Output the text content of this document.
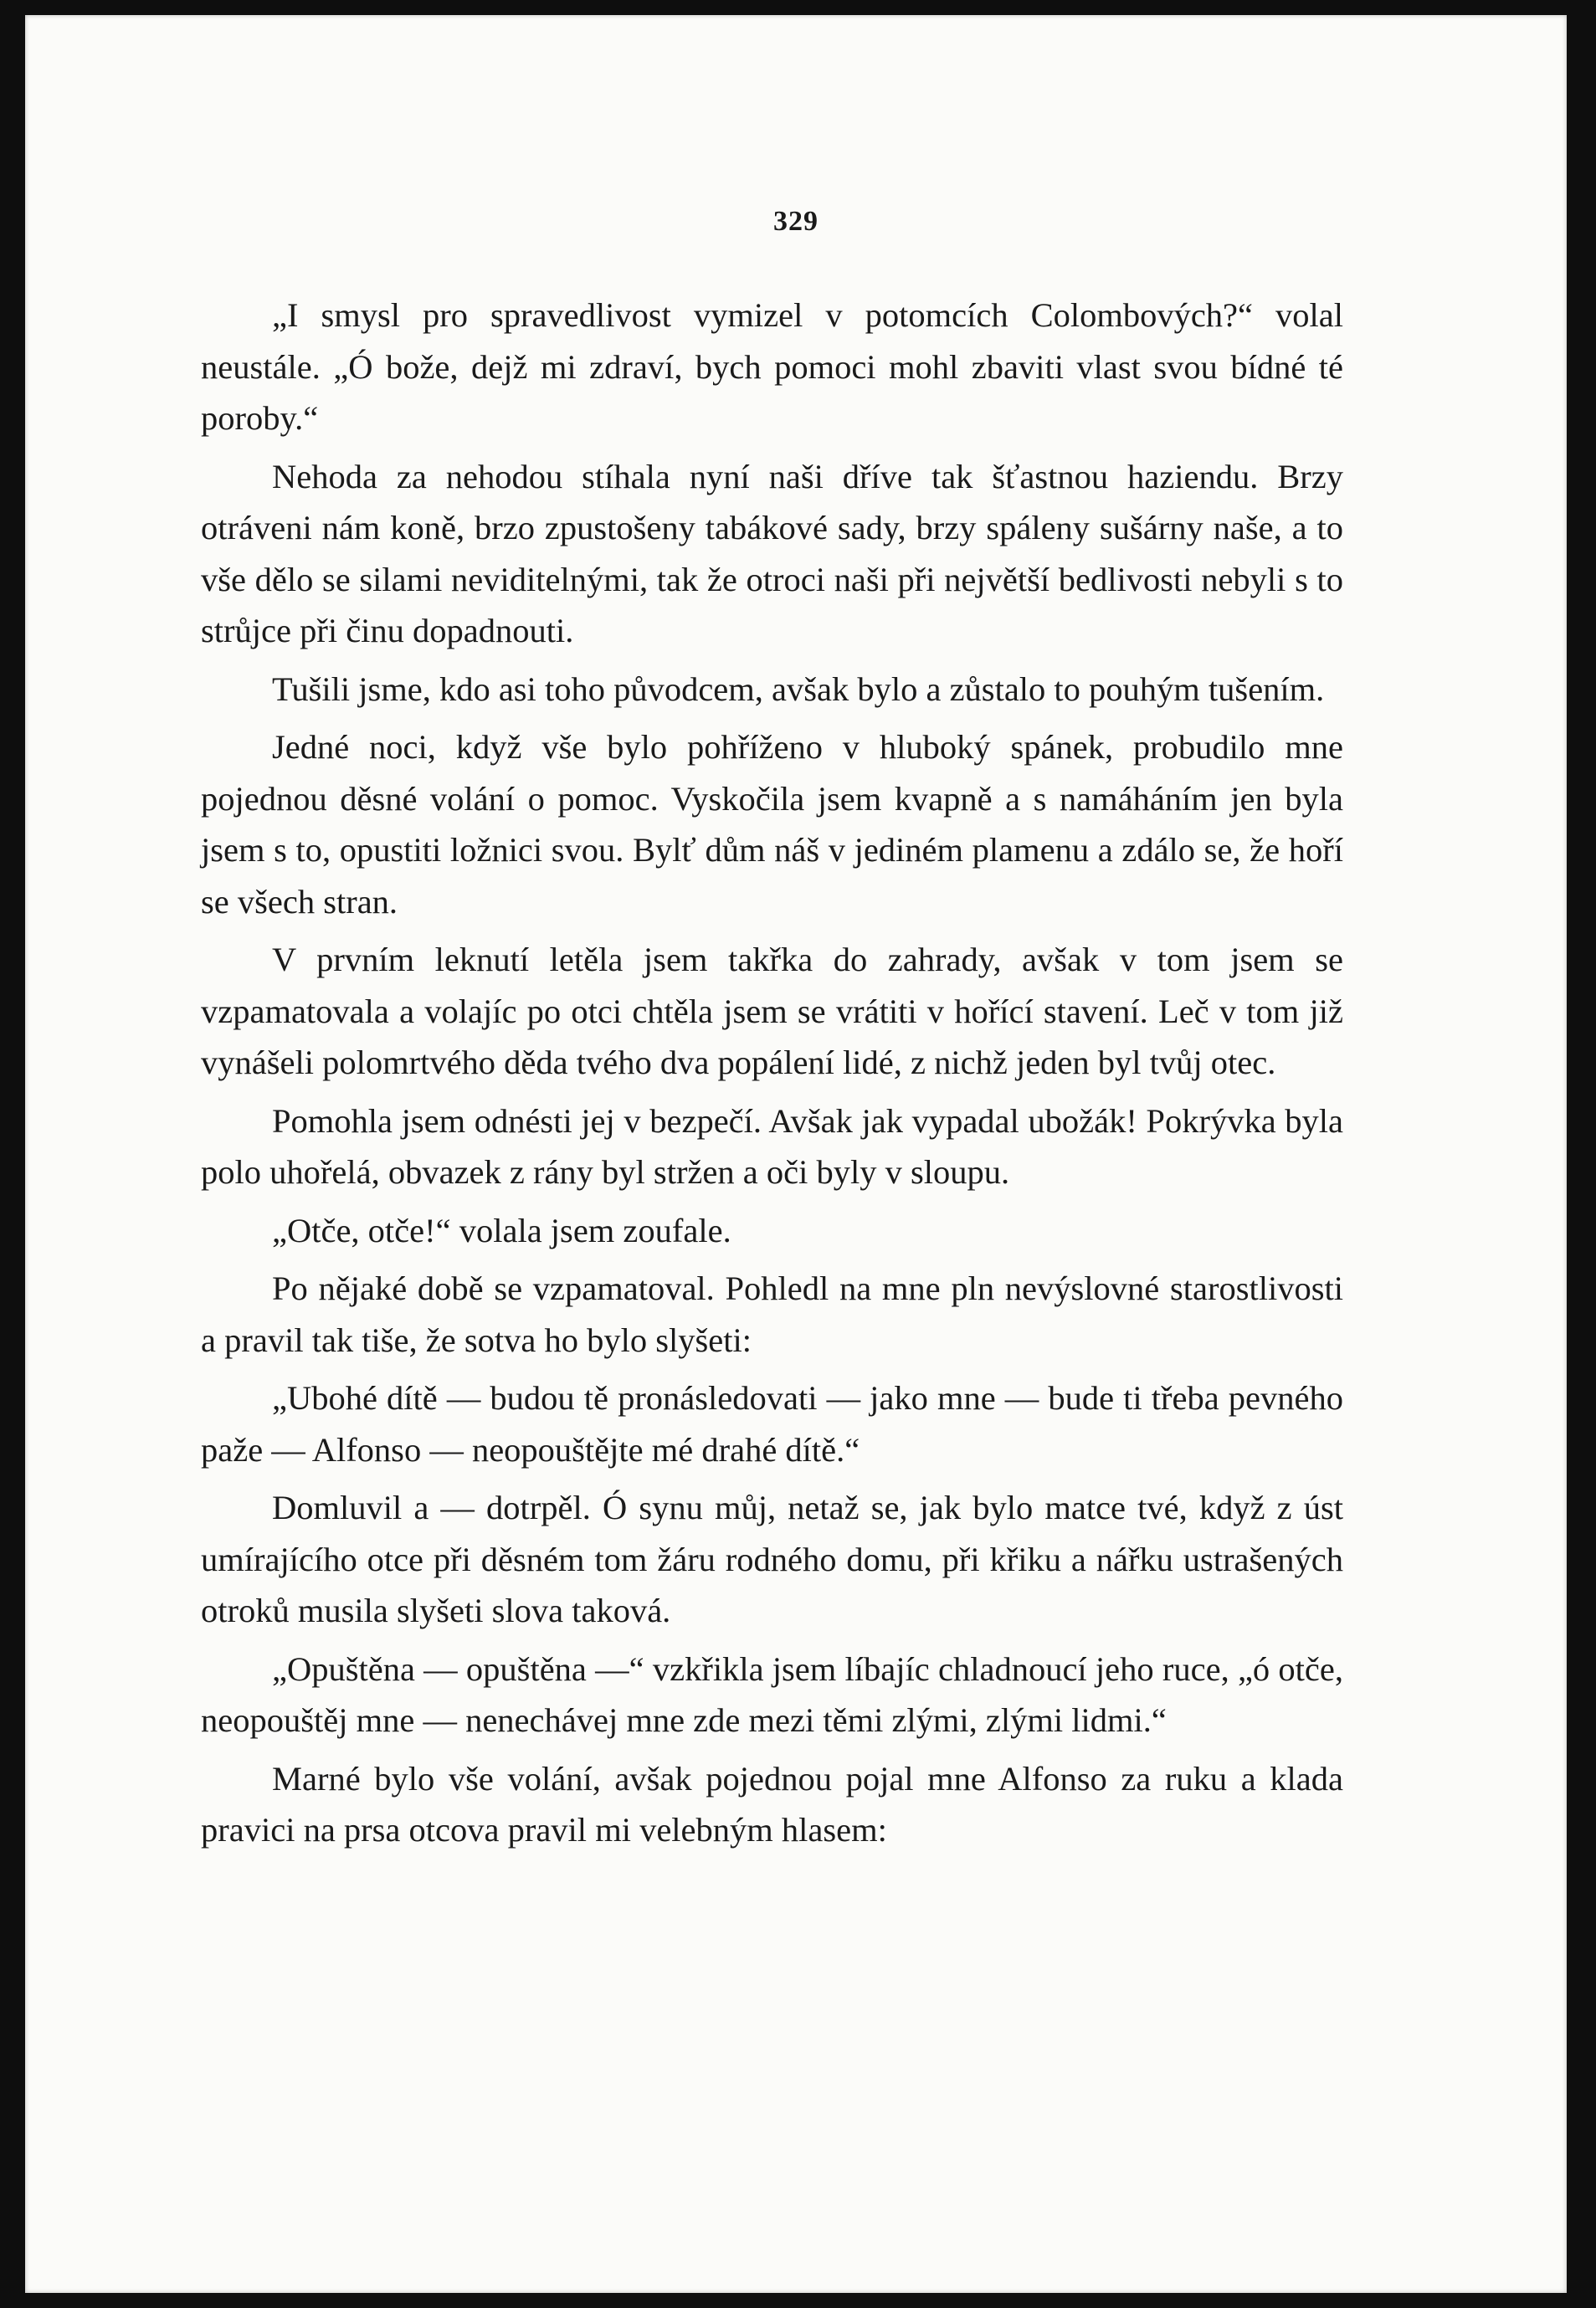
329

„I smysl pro spravedlivost vymizel v potomcích Colombových?“ volal neustále. „Ó bože, dejž mi zdraví, bych pomoci mohl zbaviti vlast svou bídné té poroby.“

Nehoda za nehodou stíhala nyní naši dříve tak šťastnou haziendu. Brzy otráveni nám koně, brzo zpustošeny tabákové sady, brzy spáleny sušárny naše, a to vše dělo se silami neviditelnými, tak že otroci naši při největší bedlivosti nebyli s to strůjce při činu dopadnouti.

Tušili jsme, kdo asi toho původcem, avšak bylo a zůstalo to pouhým tušením.

Jedné noci, když vše bylo pohříženo v hluboký spánek, probudilo mne pojednou děsné volání o pomoc. Vyskočila jsem kvapně a s namáháním jen byla jsem s to, opustiti ložnici svou. Bylť dům náš v jediném plamenu a zdálo se, že hoří se všech stran.

V prvním leknutí letěla jsem takřka do zahrady, avšak v tom jsem se vzpamatovala a volajíc po otci chtěla jsem se vrátiti v hořící stavení. Leč v tom již vynášeli polomrtvého děda tvého dva popálení lidé, z nichž jeden byl tvůj otec.

Pomohla jsem odnésti jej v bezpečí. Avšak jak vypadal ubožák! Pokrývka byla polo uhořelá, obvazek z rány byl stržen a oči byly v sloupu.

„Otče, otče!“ volala jsem zoufale.

Po nějaké době se vzpamatoval. Pohledl na mne pln nevýslovné starostlivosti a pravil tak tiše, že sotva ho bylo slyšeti:

„Ubohé dítě — budou tě pronásledovati — jako mne — bude ti třeba pevného paže — Alfonso — neopouštějte mé drahé dítě.“

Domluvil a — dotrpěl. Ó synu můj, netaž se, jak bylo matce tvé, když z úst umírajícího otce při děsném tom žáru rodného domu, při křiku a nářku ustrašených otroků musila slyšeti slova taková.

„Opuštěna — opuštěna —“ vzkřikla jsem líbajíc chladnoucí jeho ruce, „ó otče, neopouštěj mne — nenechávej mne zde mezi těmi zlými, zlými lidmi.“

Marné bylo vše volání, avšak pojednou pojal mne Alfonso za ruku a klada pravici na prsa otcova pravil mi velebným hlasem:
